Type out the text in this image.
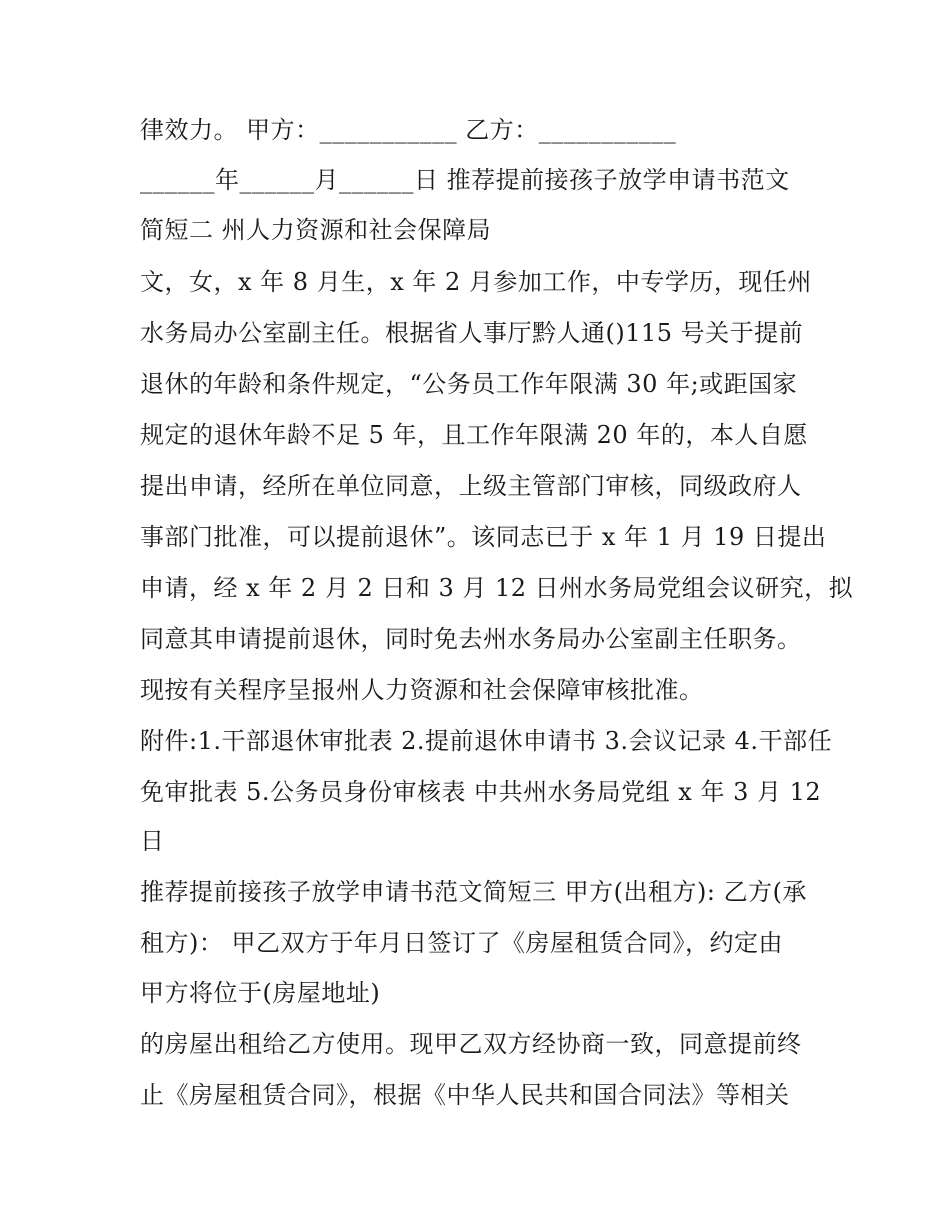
律效力。 甲方：___________ 乙方：___________
______年______月______日 推荐提前接孩子放学申请书范文
简短二 州人力资源和社会保障局
文，女，x 年 8 月生，x 年 2 月参加工作，中专学历，现任州
水务局办公室副主任。根据省人事厅黔人通()115 号关于提前
退休的年龄和条件规定，“公务员工作年限满 30 年;或距国家
规定的退休年龄不足 5 年，且工作年限满 20 年的，本人自愿
提出申请，经所在单位同意，上级主管部门审核，同级政府人
事部门批准，可以提前退休”。该同志已于 x 年 1 月 19 日提出
申请，经 x 年 2 月 2 日和 3 月 12 日州水务局党组会议研究，拟
同意其申请提前退休，同时免去州水务局办公室副主任职务。
现按有关程序呈报州人力资源和社会保障审核批准。
附件:1.干部退休审批表 2.提前退休申请书 3.会议记录 4.干部任
免审批表 5.公务员身份审核表 中共州水务局党组 x 年 3 月 12
日
推荐提前接孩子放学申请书范文简短三 甲方(出租方): 乙方(承
租方)： 甲乙双方于年月日签订了《房屋租赁合同》，约定由
甲方将位于(房屋地址)
的房屋出租给乙方使用。现甲乙双方经协商一致，同意提前终
止《房屋租赁合同》，根据《中华人民共和国合同法》等相关
